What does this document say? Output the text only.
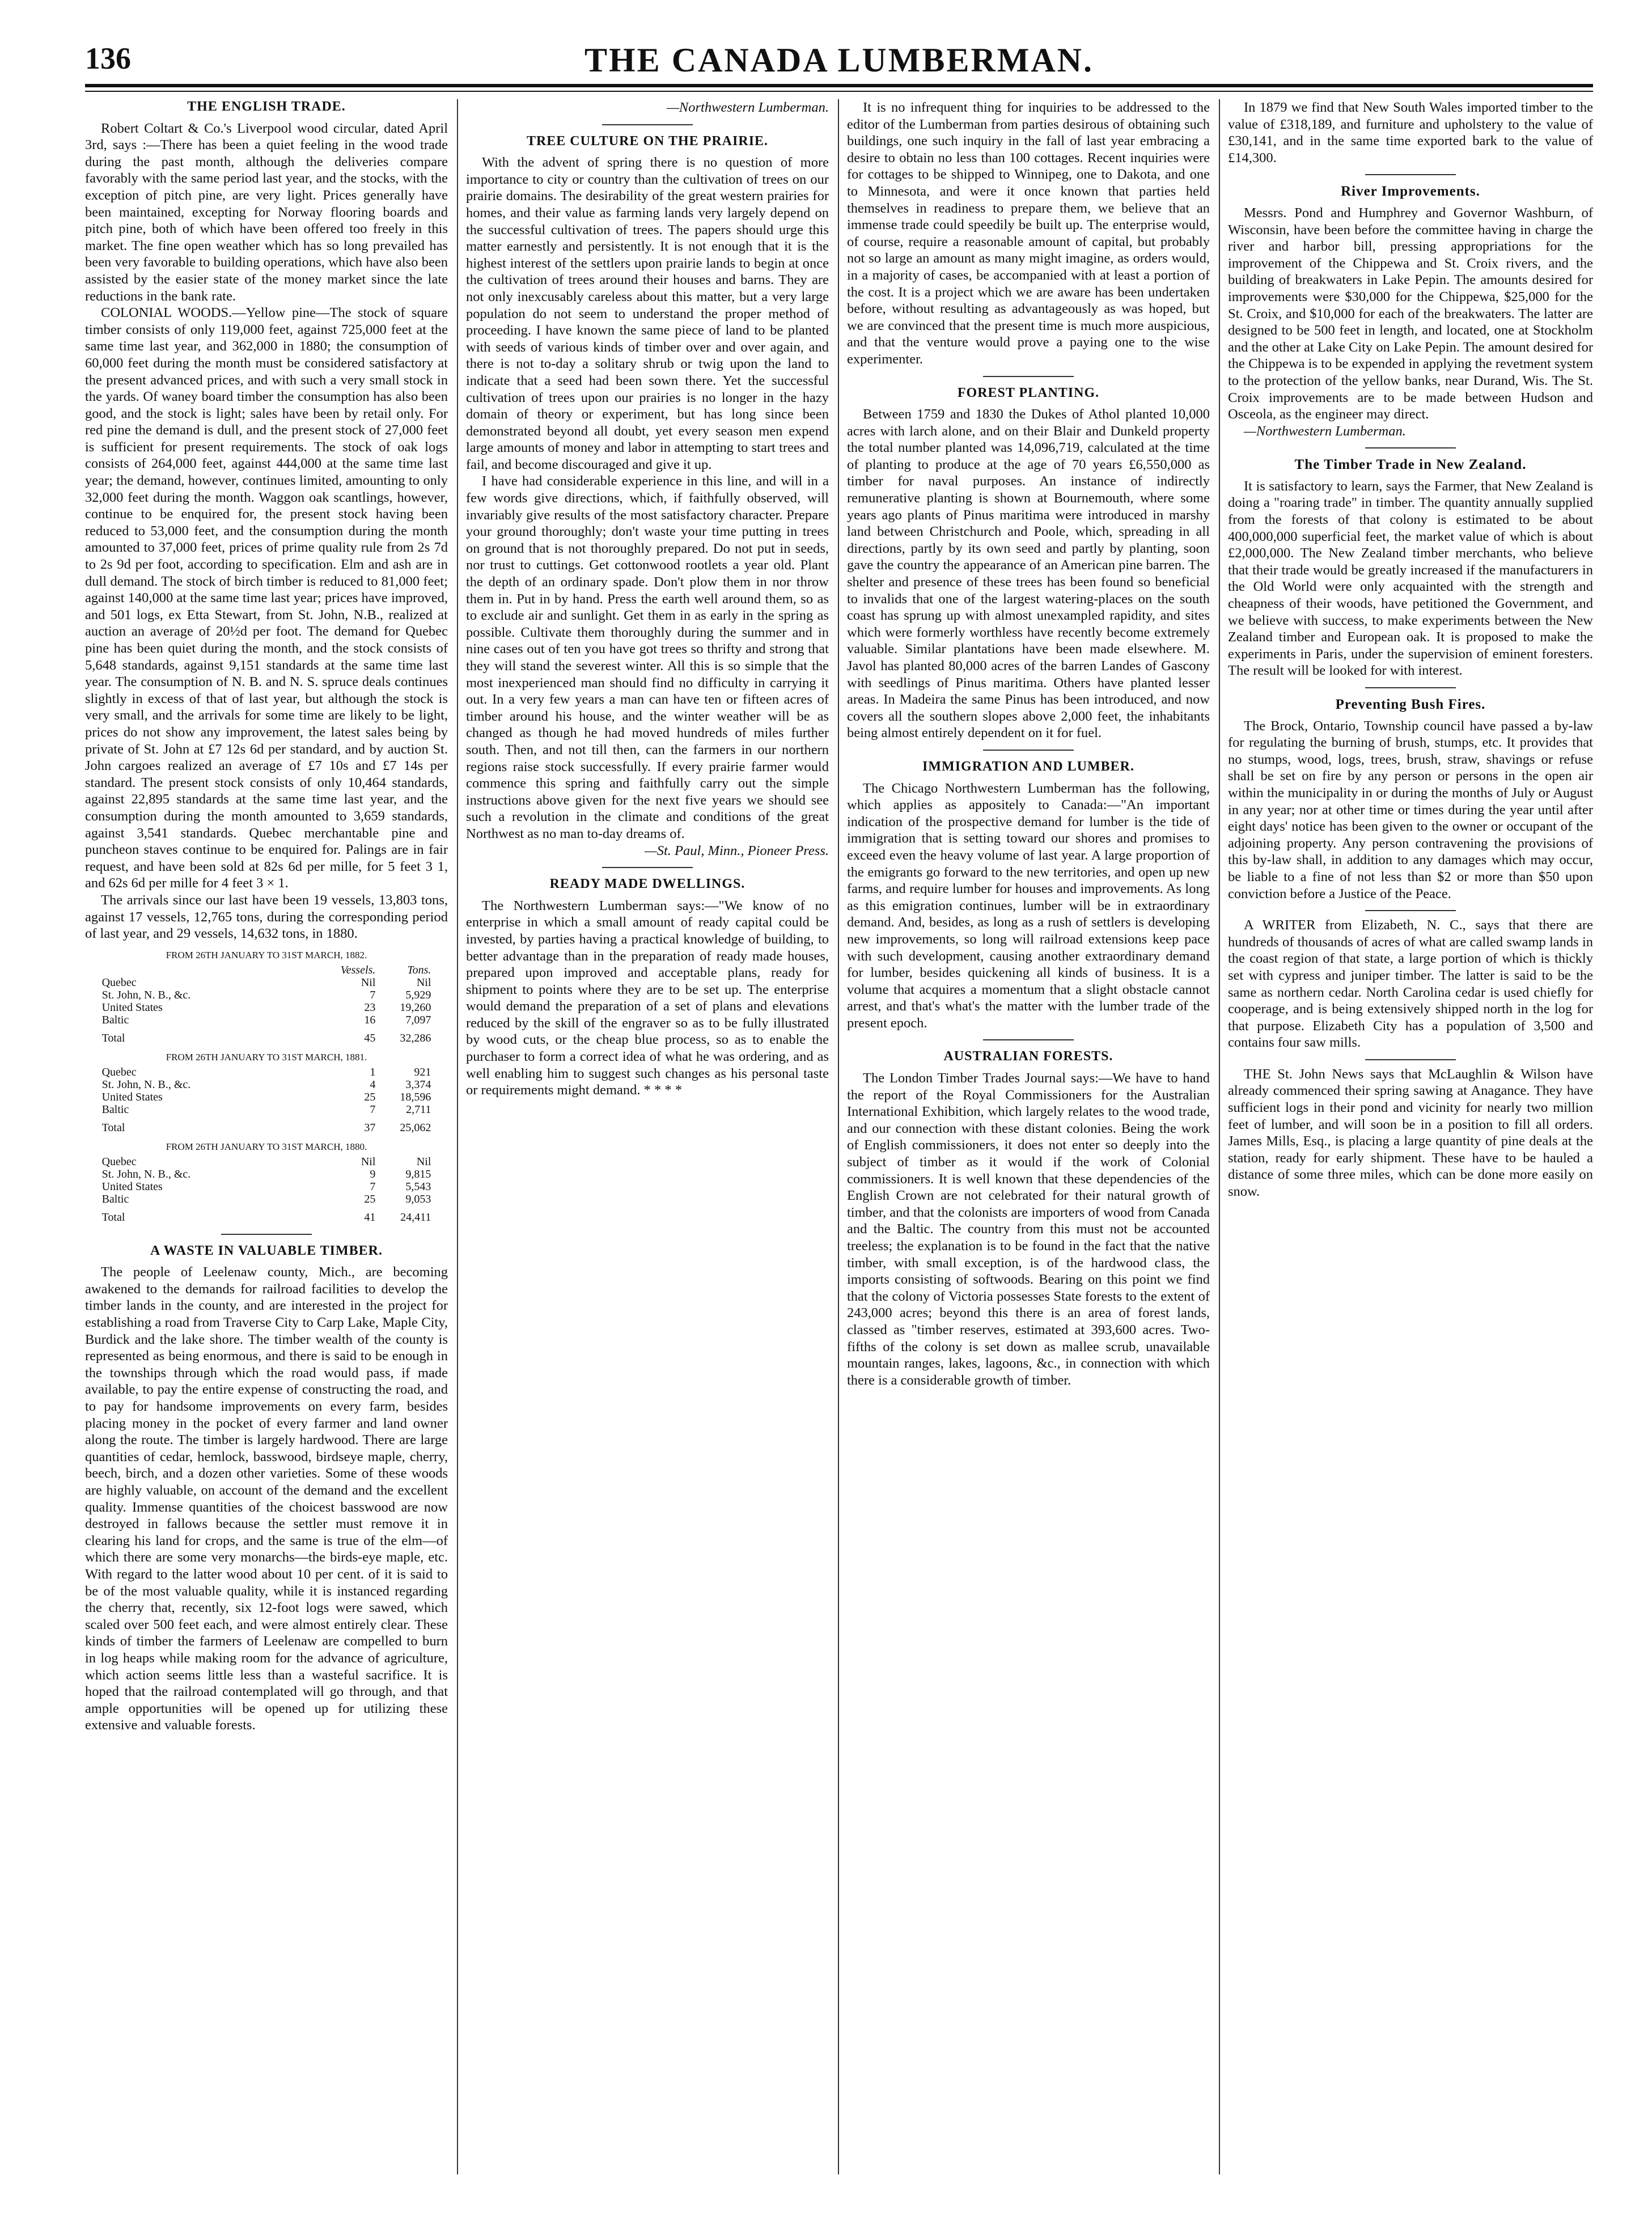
136	THE CANADA LUMBERMAN.
THE ENGLISH TRADE.

Robert Coltart & Co.'s Liverpool wood circular, dated April 3rd, says :—There has been a quiet feeling in the wood trade during the past month, although the deliveries compare favorably with the same period last year, and the stocks, with the exception of pitch pine, are very light. Prices generally have been maintained, excepting for Norway flooring boards and pitch pine, both of which have been offered too freely in this market. The fine open weather which has so long prevailed has been very favorable to building operations, which have also been assisted by the easier state of the money market since the late reductions in the bank rate.

COLONIAL WOODS.—Yellow pine—The stock of square timber consists of only 119,000 feet, against 725,000 feet at the same time last year, and 362,000 in 1880; the consumption of 60,000 feet during the month must be considered satisfactory at the present advanced prices, and with such a very small stock in the yards. Of waney board timber the consumption has also been good, and the stock is light; sales have been by retail only. For red pine the demand is dull, and the present stock of 27,000 feet is sufficient for present requirements. The stock of oak logs consists of 264,000 feet, against 444,000 at the same time last year; the demand, however, continues limited, amounting to only 32,000 feet during the month. Waggon oak scantlings, however, continue to be enquired for, the present stock having been reduced to 53,000 feet, and the consumption during the month amounted to 37,000 feet, prices of prime quality rule from 2s 7d to 2s 9d per foot, according to specification. Elm and ash are in dull demand. The stock of birch timber is reduced to 81,000 feet; against 140,000 at the same time last year; prices have improved, and 501 logs, ex Etta Stewart, from St. John, N.B., realized at auction an average of 20½d per foot. The demand for Quebec pine has been quiet during the month, and the stock consists of 5,648 standards, against 9,151 standards at the same time last year. The consumption of N. B. and N. S. spruce deals continues slightly in excess of that of last year, but although the stock is very small, and the arrivals for some time are likely to be light, prices do not show any improvement, the latest sales being by private of St. John at £7 12s 6d per standard, and by auction St. John cargoes realized an average of £7 10s and £7 14s per standard. The present stock consists of only 10,464 standards, against 22,895 standards at the same time last year, and the consumption during the month amounted to 3,659 standards, against 3,541 standards. Quebec merchantable pine and puncheon staves continue to be enquired for. Palings are in fair request, and have been sold at 82s 6d per mille, for 5 feet 3 1, and 62s 6d per mille for 4 feet 3 × 1.

The arrivals since our last have been 19 vessels, 13,803 tons, against 17 vessels, 12,765 tons, during the corresponding period of last year, and 29 vessels, 14,632 tons, in 1880.

FROM 26TH JANUARY TO 31ST MARCH, 1882.		
	Vessels.	Tons.
Quebec	Nil	Nil
St. John, N. B., &c.	7	5,929
United States	23	19,260
Baltic	16	7,097
Total	45	32,286
FROM 26TH JANUARY TO 31ST MARCH, 1881.		
Quebec	1	921
St. John, N. B., &c.	4	3,374
United States	25	18,596
Baltic	7	2,711
Total	37	25,062
FROM 26TH JANUARY TO 31ST MARCH, 1880.		
Quebec	Nil	Nil
St. John, N. B., &c.	9	9,815
United States	7	5,543
Baltic	25	9,053
Total	41	24,411
A WASTE IN VALUABLE TIMBER.

The people of Leelenaw county, Mich., are becoming awakened to the demands for railroad facilities to develop the timber lands in the county, and are interested in the project for establishing a road from Traverse City to Carp Lake, Maple City, Burdick and the lake shore. The timber wealth of the county is represented as being enormous, and there is said to be enough in the townships through which the road would pass, if made available, to pay the entire expense of constructing the road, and to pay for handsome improvements on every farm, besides placing money in the pocket of every farmer and land owner along the route. The timber is largely hardwood. There are large quantities of cedar, hemlock, basswood, birdseye maple, cherry, beech, birch, and a dozen other varieties. Some of these woods are highly valuable, on account of the demand and the excellent quality. Immense quantities of the choicest basswood are now destroyed in fallows because the settler must remove it in clearing his land for crops, and the same is true of the elm—of which there are some very monarchs—the birds-eye maple, etc. With regard to the latter wood about 10 per cent. of it is said to be of the most valuable quality, while it is instanced regarding the cherry that, recently, six 12-foot logs were sawed, which scaled over 500 feet each, and were almost entirely clear. These kinds of timber the farmers of Leelenaw are compelled to burn in log heaps while making room for the advance of agriculture, which action seems little less than a wasteful sacrifice. It is hoped that the railroad contemplated will go through, and that ample opportunities will be opened up for utilizing these extensive and valuable forests.

—Northwestern Lumberman.

TREE CULTURE ON THE PRAIRIE.

With the advent of spring there is no question of more importance to city or country than the cultivation of trees on our prairie domains. The desirability of the great western prairies for homes, and their value as farming lands very largely depend on the successful cultivation of trees. The papers should urge this matter earnestly and persistently. It is not enough that it is the highest interest of the settlers upon prairie lands to begin at once the cultivation of trees around their houses and barns. They are not only inexcusably careless about this matter, but a very large population do not seem to understand the proper method of proceeding. I have known the same piece of land to be planted with seeds of various kinds of timber over and over again, and there is not to-day a solitary shrub or twig upon the land to indicate that a seed had been sown there. Yet the successful cultivation of trees upon our prairies is no longer in the hazy domain of theory or experiment, but has long since been demonstrated beyond all doubt, yet every season men expend large amounts of money and labor in attempting to start trees and fail, and become discouraged and give it up.

I have had considerable experience in this line, and will in a few words give directions, which, if faithfully observed, will invariably give results of the most satisfactory character. Prepare your ground thoroughly; don't waste your time putting in trees on ground that is not thoroughly prepared. Do not put in seeds, nor trust to cuttings. Get cottonwood rootlets a year old. Plant the depth of an ordinary spade. Don't plow them in nor throw them in. Put in by hand. Press the earth well around them, so as to exclude air and sunlight. Get them in as early in the spring as possible. Cultivate them thoroughly during the summer and in nine cases out of ten you have got trees so thrifty and strong that they will stand the severest winter. All this is so simple that the most inexperienced man should find no difficulty in carrying it out. In a very few years a man can have ten or fifteen acres of timber around his house, and the winter weather will be as changed as though he had moved hundreds of miles further south. Then, and not till then, can the farmers in our northern regions raise stock successfully. If every prairie farmer would commence this spring and faithfully carry out the simple instructions above given for the next five years we should see such a revolution in the climate and conditions of the great Northwest as no man to-day dreams of.

—St. Paul, Minn., Pioneer Press.

READY MADE DWELLINGS.

The Northwestern Lumberman says:—"We know of no enterprise in which a small amount of ready capital could be invested, by parties having a practical knowledge of building, to better advantage than in the preparation of ready made houses, prepared upon improved and acceptable plans, ready for shipment to points where they are to be set up. The enterprise would demand the preparation of a set of plans and elevations reduced by the skill of the engraver so as to be fully illustrated by wood cuts, or the cheap blue process, so as to enable the purchaser to form a correct idea of what he was ordering, and as well enabling him to suggest such changes as his personal taste or requirements might demand. * * * *

It is no infrequent thing for inquiries to be addressed to the editor of the Lumberman from parties desirous of obtaining such buildings, one such inquiry in the fall of last year embracing a desire to obtain no less than 100 cottages. Recent inquiries were for cottages to be shipped to Winnipeg, one to Dakota, and one to Minnesota, and were it once known that parties held themselves in readiness to prepare them, we believe that an immense trade could speedily be built up. The enterprise would, of course, require a reasonable amount of capital, but probably not so large an amount as many might imagine, as orders would, in a majority of cases, be accompanied with at least a portion of the cost. It is a project which we are aware has been undertaken before, without resulting as advantageously as was hoped, but we are convinced that the present time is much more auspicious, and that the venture would prove a paying one to the wise experimenter.

FOREST PLANTING.

Between 1759 and 1830 the Dukes of Athol planted 10,000 acres with larch alone, and on their Blair and Dunkeld property the total number planted was 14,096,719, calculated at the time of planting to produce at the age of 70 years £6,550,000 as timber for naval purposes. An instance of indirectly remunerative planting is shown at Bournemouth, where some years ago plants of Pinus maritima were introduced in marshy land between Christchurch and Poole, which, spreading in all directions, partly by its own seed and partly by planting, soon gave the country the appearance of an American pine barren. The shelter and presence of these trees has been found so beneficial to invalids that one of the largest watering-places on the south coast has sprung up with almost unexampled rapidity, and sites which were formerly worthless have recently become extremely valuable. Similar plantations have been made elsewhere. M. Javol has planted 80,000 acres of the barren Landes of Gascony with seedlings of Pinus maritima. Others have planted lesser areas. In Madeira the same Pinus has been introduced, and now covers all the southern slopes above 2,000 feet, the inhabitants being almost entirely dependent on it for fuel.

IMMIGRATION AND LUMBER.

The Chicago Northwestern Lumberman has the following, which applies as appositely to Canada:—"An important indication of the prospective demand for lumber is the tide of immigration that is setting toward our shores and promises to exceed even the heavy volume of last year. A large proportion of the emigrants go forward to the new territories, and open up new farms, and require lumber for houses and improvements. As long as this emigration continues, lumber will be in extraordinary demand. And, besides, as long as a rush of settlers is developing new improvements, so long will railroad extensions keep pace with such development, causing another extraordinary demand for lumber, besides quickening all kinds of business. It is a volume that acquires a momentum that a slight obstacle cannot arrest, and that's what's the matter with the lumber trade of the present epoch.

AUSTRALIAN FORESTS.

The London Timber Trades Journal says:—We have to hand the report of the Royal Commissioners for the Australian International Exhibition, which largely relates to the wood trade, and our connection with these distant colonies. Being the work of English commissioners, it does not enter so deeply into the subject of timber as it would if the work of Colonial commissioners. It is well known that these dependencies of the English Crown are not celebrated for their natural growth of timber, and that the colonists are importers of wood from Canada and the Baltic. The country from this must not be accounted treeless; the explanation is to be found in the fact that the native timber, with small exception, is of the hardwood class, the imports consisting of softwoods. Bearing on this point we find that the colony of Victoria possesses State forests to the extent of 243,000 acres; beyond this there is an area of forest lands, classed as "timber reserves, estimated at 393,600 acres. Two-fifths of the colony is set down as mallee scrub, unavailable mountain ranges, lakes, lagoons, &c., in connection with which there is a considerable growth of timber.

In 1879 we find that New South Wales imported timber to the value of £318,189, and furniture and upholstery to the value of £30,141, and in the same time exported bark to the value of £14,300.

River Improvements.

Messrs. Pond and Humphrey and Governor Washburn, of Wisconsin, have been before the committee having in charge the river and harbor bill, pressing appropriations for the improvement of the Chippewa and St. Croix rivers, and the building of breakwaters in Lake Pepin. The amounts desired for improvements were $30,000 for the Chippewa, $25,000 for the St. Croix, and $10,000 for each of the breakwaters. The latter are designed to be 500 feet in length, and located, one at Stockholm and the other at Lake City on Lake Pepin. The amount desired for the Chippewa is to be expended in applying the revetment system to the protection of the yellow banks, near Durand, Wis. The St. Croix improvements are to be made between Hudson and Osceola, as the engineer may direct.

—Northwestern Lumberman.

The Timber Trade in New Zealand.

It is satisfactory to learn, says the Farmer, that New Zealand is doing a "roaring trade" in timber. The quantity annually supplied from the forests of that colony is estimated to be about 400,000,000 superficial feet, the market value of which is about £2,000,000. The New Zealand timber merchants, who believe that their trade would be greatly increased if the manufacturers in the Old World were only acquainted with the strength and cheapness of their woods, have petitioned the Government, and we believe with success, to make experiments between the New Zealand timber and European oak. It is proposed to make the experiments in Paris, under the supervision of eminent foresters. The result will be looked for with interest.

Preventing Bush Fires.

The Brock, Ontario, Township council have passed a by-law for regulating the burning of brush, stumps, etc. It provides that no stumps, wood, logs, trees, brush, straw, shavings or refuse shall be set on fire by any person or persons in the open air within the municipality in or during the months of July or August in any year; nor at other time or times during the year until after eight days' notice has been given to the owner or occupant of the adjoining property. Any person contravening the provisions of this by-law shall, in addition to any damages which may occur, be liable to a fine of not less than $2 or more than $50 upon conviction before a Justice of the Peace.

A WRITER from Elizabeth, N. C., says that there are hundreds of thousands of acres of what are called swamp lands in the coast region of that state, a large portion of which is thickly set with cypress and juniper timber. The latter is said to be the same as northern cedar. North Carolina cedar is used chiefly for cooperage, and is being extensively shipped north in the log for that purpose. Elizabeth City has a population of 3,500 and contains four saw mills.

THE St. John News says that McLaughlin & Wilson have already commenced their spring sawing at Anagance. They have sufficient logs in their pond and vicinity for nearly two million feet of lumber, and will soon be in a position to fill all orders. James Mills, Esq., is placing a large quantity of pine deals at the station, ready for early shipment. These have to be hauled a distance of some three miles, which can be done more easily on snow.
